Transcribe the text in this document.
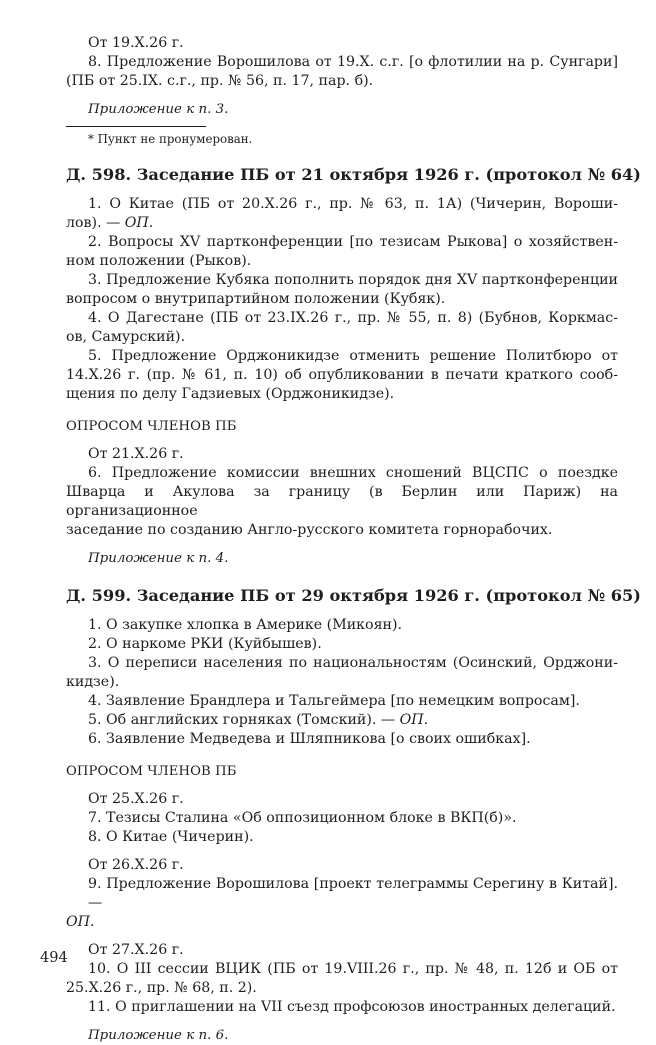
От 19.X.26 г.
8. Предложение Ворошилова от 19.X. с.г. [о флотилии на р. Сунгари]
(ПБ от 25.IX. с.г., пр. № 56, п. 17, пар. б).
Приложение к п. 3.
* Пункт не пронумерован.
Д. 598. Заседание ПБ от 21 октября 1926 г. (протокол № 64)
1. О Китае (ПБ от 20.X.26 г., пр. № 63, п. 1А) (Чичерин, Вороши-
лов). — ОП.
2. Вопросы XV партконференции [по тезисам Рыкова] о хозяйствен-
ном положении (Рыков).
3. Предложение Кубяка пополнить порядок дня XV партконференции
вопросом о внутрипартийном положении (Кубяк).
4. О Дагестане (ПБ от 23.IX.26 г., пр. № 55, п. 8) (Бубнов, Коркмас-
ов, Самурский).
5. Предложение Орджоникидзе отменить решение Политбюро от
14.X.26 г. (пр. № 61, п. 10) об опубликовании в печати краткого сооб-
щения по делу Гадзиевых (Орджоникидзе).
ОПРОСОМ ЧЛЕНОВ ПБ
От 21.X.26 г.
6. Предложение комиссии внешних сношений ВЦСПС о поездке
Шварца и Акулова за границу (в Берлин или Париж) на организационное
заседание по созданию Англо-русского комитета горнорабочих.
Приложение к п. 4.
Д. 599. Заседание ПБ от 29 октября 1926 г. (протокол № 65)
1. О закупке хлопка в Америке (Микоян).
2. О наркоме РКИ (Куйбышев).
3. О переписи населения по национальностям (Осинский, Орджони-
кидзе).
4. Заявление Брандлера и Тальгеймера [по немецким вопросам].
5. Об английских горняках (Томский). — ОП.
6. Заявление Медведева и Шляпникова [о своих ошибках].
ОПРОСОМ ЧЛЕНОВ ПБ
От 25.X.26 г.
7. Тезисы Сталина «Об оппозиционном блоке в ВКП(б)».
8. О Китае (Чичерин).
От 26.X.26 г.
9. Предложение Ворошилова [проект телеграммы Серегину в Китай]. —
ОП.
От 27.X.26 г.
10. О III сессии ВЦИК (ПБ от 19.VIII.26 г., пр. № 48, п. 12б и ОБ от
25.X.26 г., пр. № 68, п. 2).
11. О приглашении на VII съезд профсоюзов иностранных делегаций.
Приложение к п. 6.
494
